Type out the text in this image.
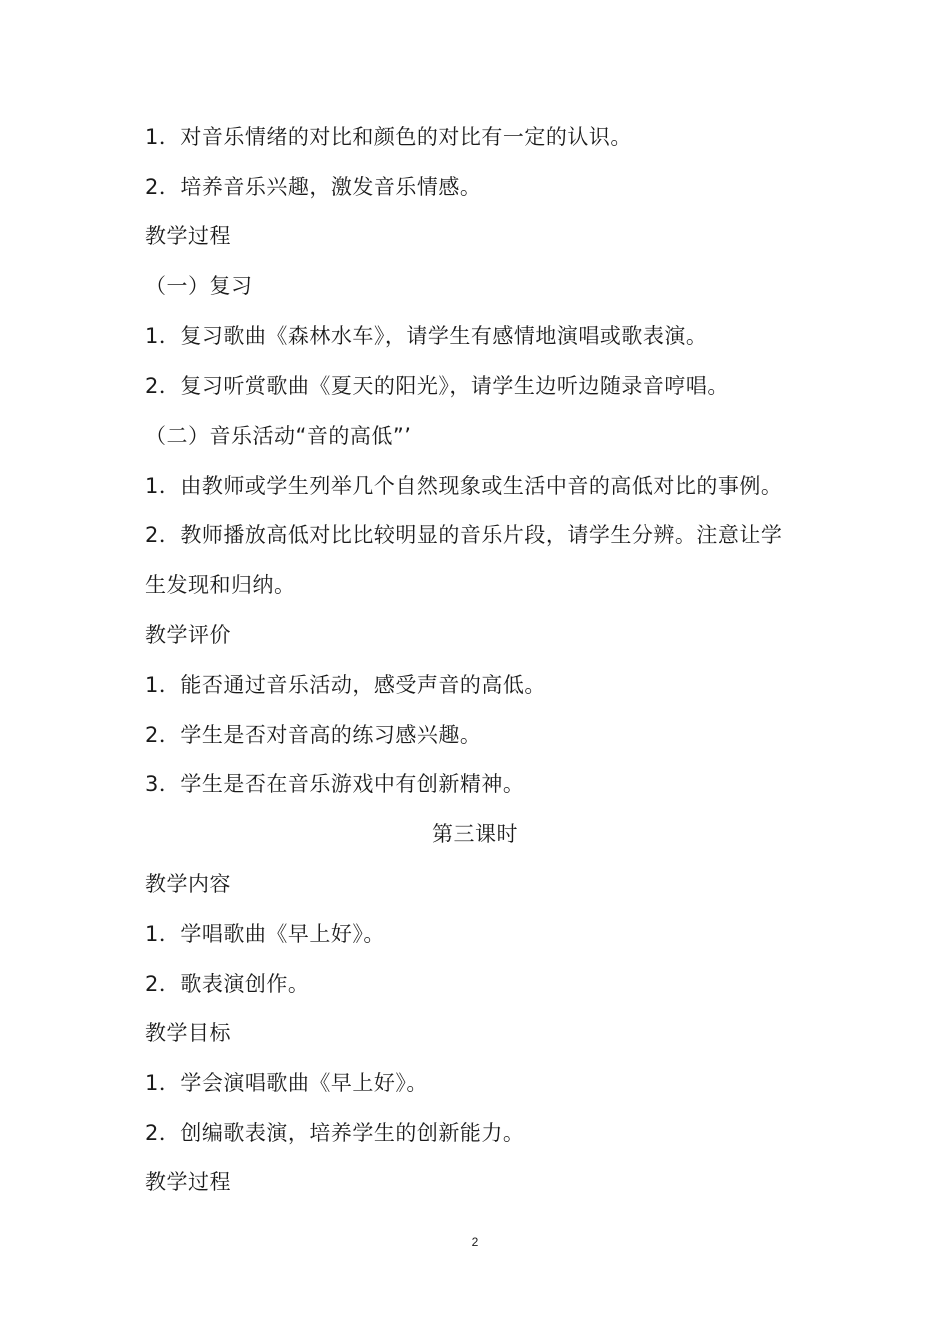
1．对音乐情绪的对比和颜色的对比有一定的认识。
2．培养音乐兴趣，激发音乐情感。
教学过程
（一）复习
1．复习歌曲《森林水车》，请学生有感情地演唱或歌表演。
2．复习听赏歌曲《夏天的阳光》，请学生边听边随录音哼唱。
（二）音乐活动“音的高低”’
1．由教师或学生列举几个自然现象或生活中音的高低对比的事例。
2．教师播放高低对比比较明显的音乐片段，请学生分辨。注意让学
生发现和归纳。
教学评价
1．能否通过音乐活动，感受声音的高低。
2．学生是否对音高的练习感兴趣。
3．学生是否在音乐游戏中有创新精神。
第三课时
教学内容
1．学唱歌曲《早上好》。
2．歌表演创作。
教学目标
1．学会演唱歌曲《早上好》。
2．创编歌表演，培养学生的创新能力。
教学过程
2
